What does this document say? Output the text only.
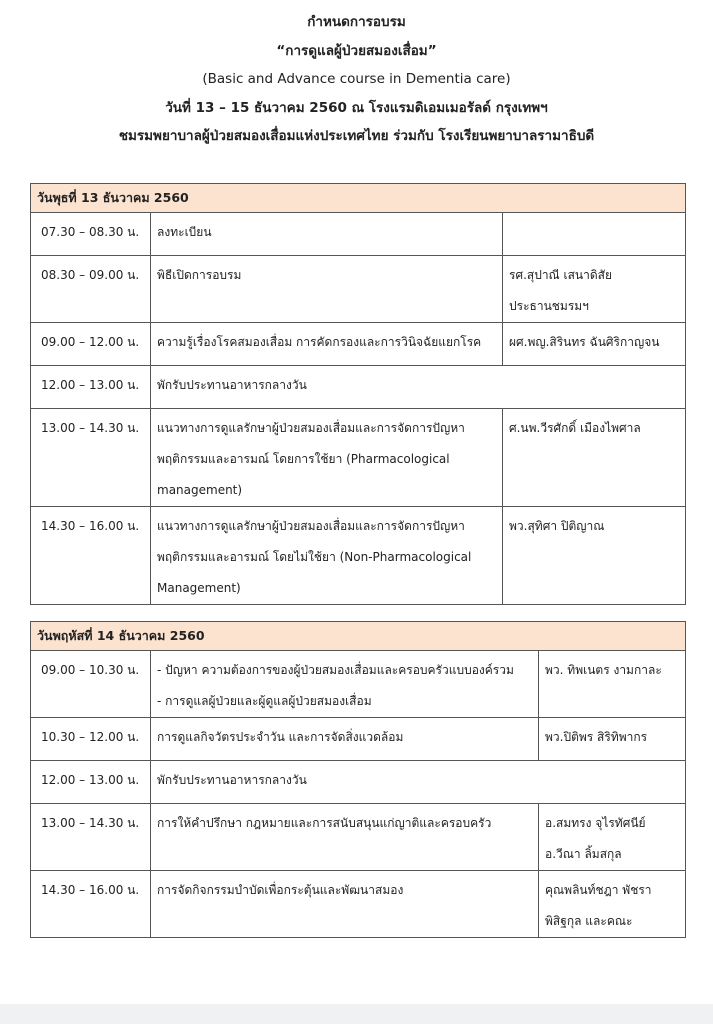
กำหนดการอบรม
“การดูแลผู้ป่วยสมองเสื่อม”
(Basic and Advance course in Dementia care)
วันที่ 13 – 15 ธันวาคม 2560 ณ โรงแรมดิเอมเมอรัลด์ กรุงเทพฯ
ชมรมพยาบาลผู้ป่วยสมองเสื่อมแห่งประเทศไทย ร่วมกับ โรงเรียนพยาบาลรามาธิบดี
วันพุธที่ 13 ธันวาคม 2560		
07.30 – 08.30 น.	ลงทะเบียน	

08.30 – 09.00 น.	พิธีเปิดการอบรม	รศ.สุปาณี เสนาดิสัย
ประธานชมรมฯ

09.00 – 12.00 น.	ความรู้เรื่องโรคสมองเสื่อม การคัดกรองและการวินิจฉัยแยกโรค	ผศ.พญ.สิรินทร ฉันศิริกาญจน

12.00 – 13.00 น.	พักรับประทานอาหารกลางวัน	

13.00 – 14.30 น.	แนวทางการดูแลรักษาผู้ป่วยสมองเสื่อมและการจัดการปัญหา
พฤติกรรมและอารมณ์ โดยการใช้ยา (Pharmacological
management)	ศ.นพ.วีรศักดิ์ เมืองไพศาล

14.30 – 16.00 น.	แนวทางการดูแลรักษาผู้ป่วยสมองเสื่อมและการจัดการปัญหา
พฤติกรรมและอารมณ์ โดยไม่ใช้ยา (Non-Pharmacological
Management)	พว.สุทิศา ปิติญาณ
วันพฤหัสที่ 14 ธันวาคม 2560		
09.00 – 10.30 น.	- ปัญหา ความต้องการของผู้ป่วยสมองเสื่อมและครอบครัวแบบองค์รวม
- การดูแลผู้ป่วยและผู้ดูแลผู้ป่วยสมองเสื่อม	พว. ทิพเนตร งามกาละ

10.30 – 12.00 น.	การดูแลกิจวัตรประจำวัน และการจัดสิ่งแวดล้อม	พว.ปิติพร สิริทิพากร

12.00 – 13.00 น.	พักรับประทานอาหารกลางวัน	

13.00 – 14.30 น.	การให้คำปรึกษา กฎหมายและการสนับสนุนแก่ญาติและครอบครัว	อ.สมทรง จุไรทัศนีย์
อ.วีณา ลิ้มสกุล

14.30 – 16.00 น.	การจัดกิจกรรมบำบัดเพื่อกระตุ้นและพัฒนาสมอง	คุณพลินท์ชฎา พัชรา
พิสิฐกุล และคณะ
